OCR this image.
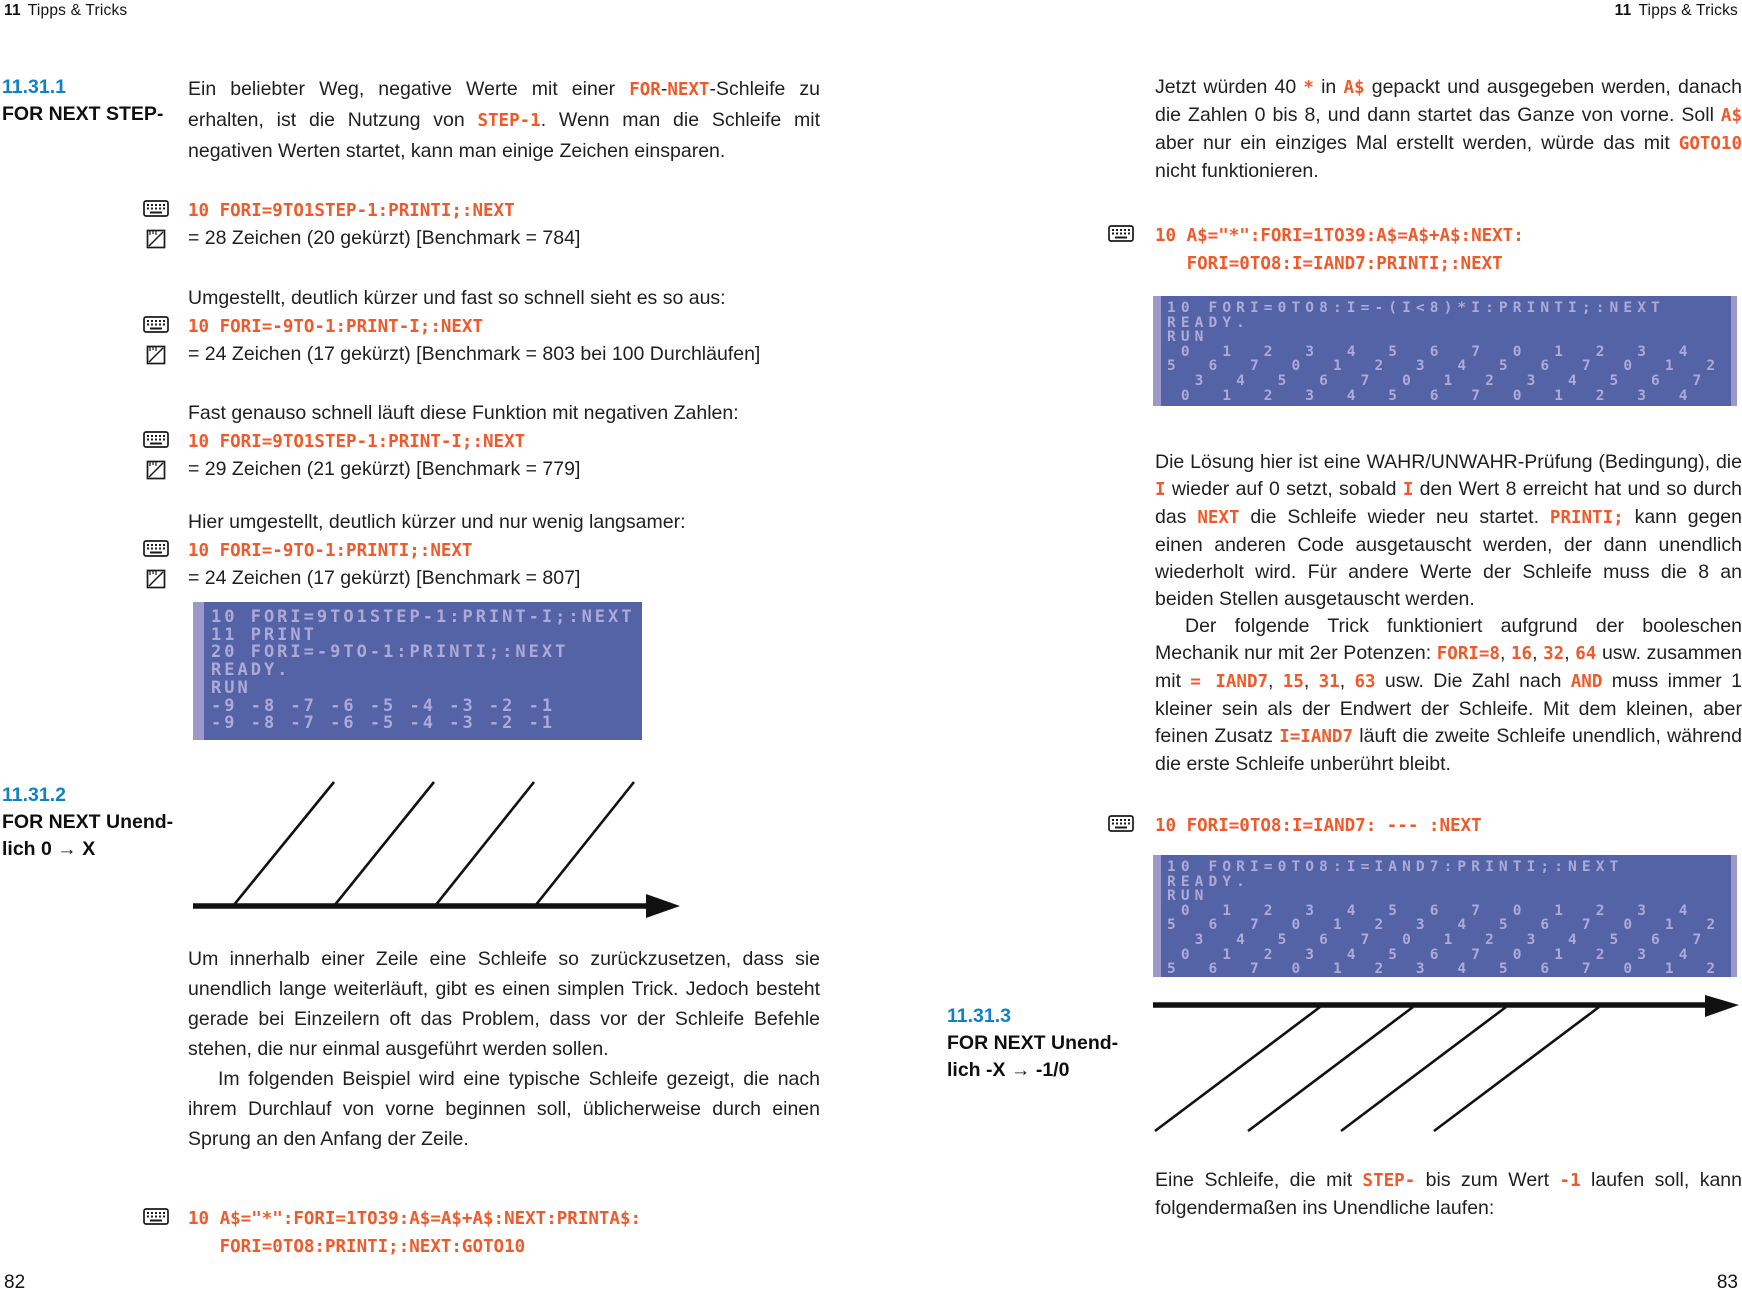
11 Tipps & Tricks	11 Tipps & Tricks
11.31.1
FOR NEXT STEP-
Ein beliebter Weg, negative Werte mit einer FOR-NEXT-Schleife zu erhalten, ist die Nutzung von STEP-1. Wenn man die Schleife mit negativen Werten startet, kann man einige Zeichen einsparen.
10 FORI=9TO1STEP-1:PRINTI;:NEXT
= 28 Zeichen (20 gekürzt) [Benchmark = 784]
Umgestellt, deutlich kürzer und fast so schnell sieht es so aus:
10 FORI=-9TO-1:PRINT-I;:NEXT
= 24 Zeichen (17 gekürzt) [Benchmark = 803 bei 100 Durchläufen]
Fast genauso schnell läuft diese Funktion mit negativen Zahlen:
10 FORI=9TO1STEP-1:PRINT-I;:NEXT
= 29 Zeichen (21 gekürzt) [Benchmark = 779]
Hier umgestellt, deutlich kürzer und nur wenig langsamer:
10 FORI=-9TO-1:PRINTI;:NEXT
= 24 Zeichen (17 gekürzt) [Benchmark = 807]
10 FORI=9TO1STEP-1:PRINT-I;:NEXT
11 PRINT
20 FORI=-9TO-1:PRINTI;:NEXT
READY.
RUN
-9 -8 -7 -6 -5 -4 -3 -2 -1
-9 -8 -7 -6 -5 -4 -3 -2 -1
11.31.2
FOR NEXT Unend-
lich 0 → X

Um innerhalb einer Zeile eine Schleife so zurückzusetzen, dass sie unendlich lange weiterläuft, gibt es einen simplen Trick. Jedoch besteht gerade bei Einzeilern oft das Problem, dass vor der Schleife Befehle stehen, die nur einmal ausgeführt werden sollen.

Im folgenden Beispiel wird eine typische Schleife gezeigt, die nach ihrem Durchlauf von vorne beginnen soll, üblicherweise durch einen Sprung an den Anfang der Zeile.

10 A$="*":FORI=1TO39:A$=A$+A$:NEXT:PRINTA$:
FORI=0TO8:PRINTI;:NEXT:GOTO10
82
Jetzt würden 40 * in A$ gepackt und ausgegeben werden, danach die Zahlen 0 bis 8, und dann startet das Ganze von vorne. Soll A$ aber nur ein einziges Mal erstellt werden, würde das mit GOTO10 nicht funktionieren.
10 A$="*":FORI=1TO39:A$=A$+A$:NEXT:
FORI=0TO8:I=IAND7:PRINTI;:NEXT
10 FORI=0TO8:I=-(I<8)*I:PRINTI;:NEXT
READY.
RUN
0  1  2  3  4  5  6  7  0  1  2  3  4
5  6  7  0  1  2  3  4  5  6  7  0  1  2
3  4  5  6  7  0  1  2  3  4  5  6  7
0  1  2  3  4  5  6  7  0  1  2  3  4

Die Lösung hier ist eine WAHR/UNWAHR-Prüfung (Bedingung), die I wieder auf 0 setzt, sobald I den Wert 8 erreicht hat und so durch das NEXT die Schleife wieder neu startet. PRINTI; kann gegen einen anderen Code ausgetauscht werden, der dann unendlich wiederholt wird. Für andere Werte der Schleife muss die 8 an beiden Stellen ausgetauscht werden.

Der folgende Trick funktioniert aufgrund der booleschen Mechanik nur mit 2er Potenzen: FORI=8, 16, 32, 64 usw. zusammen mit = IAND7, 15, 31, 63 usw. Die Zahl nach AND muss immer 1 kleiner sein als der Endwert der Schleife. Mit dem kleinen, aber feinen Zusatz I=IAND7 läuft die zweite Schleife unendlich, während die erste Schleife unberührt bleibt.

10 FORI=0TO8:I=IAND7: --- :NEXT
10 FORI=0TO8:I=IAND7:PRINTI;:NEXT
READY.
RUN
0  1  2  3  4  5  6  7  0  1  2  3  4
5  6  7  0  1  2  3  4  5  6  7  0  1  2
3  4  5  6  7  0  1  2  3  4  5  6  7
0  1  2  3  4  5  6  7  0  1  2  3  4
5  6  7  0  1  2  3  4  5  6  7  0  1  2
11.31.3
FOR NEXT Unend-
lich -X → -1/0
Eine Schleife, die mit STEP- bis zum Wert -1 laufen soll, kann folgendermaßen ins Unendliche laufen:
83
